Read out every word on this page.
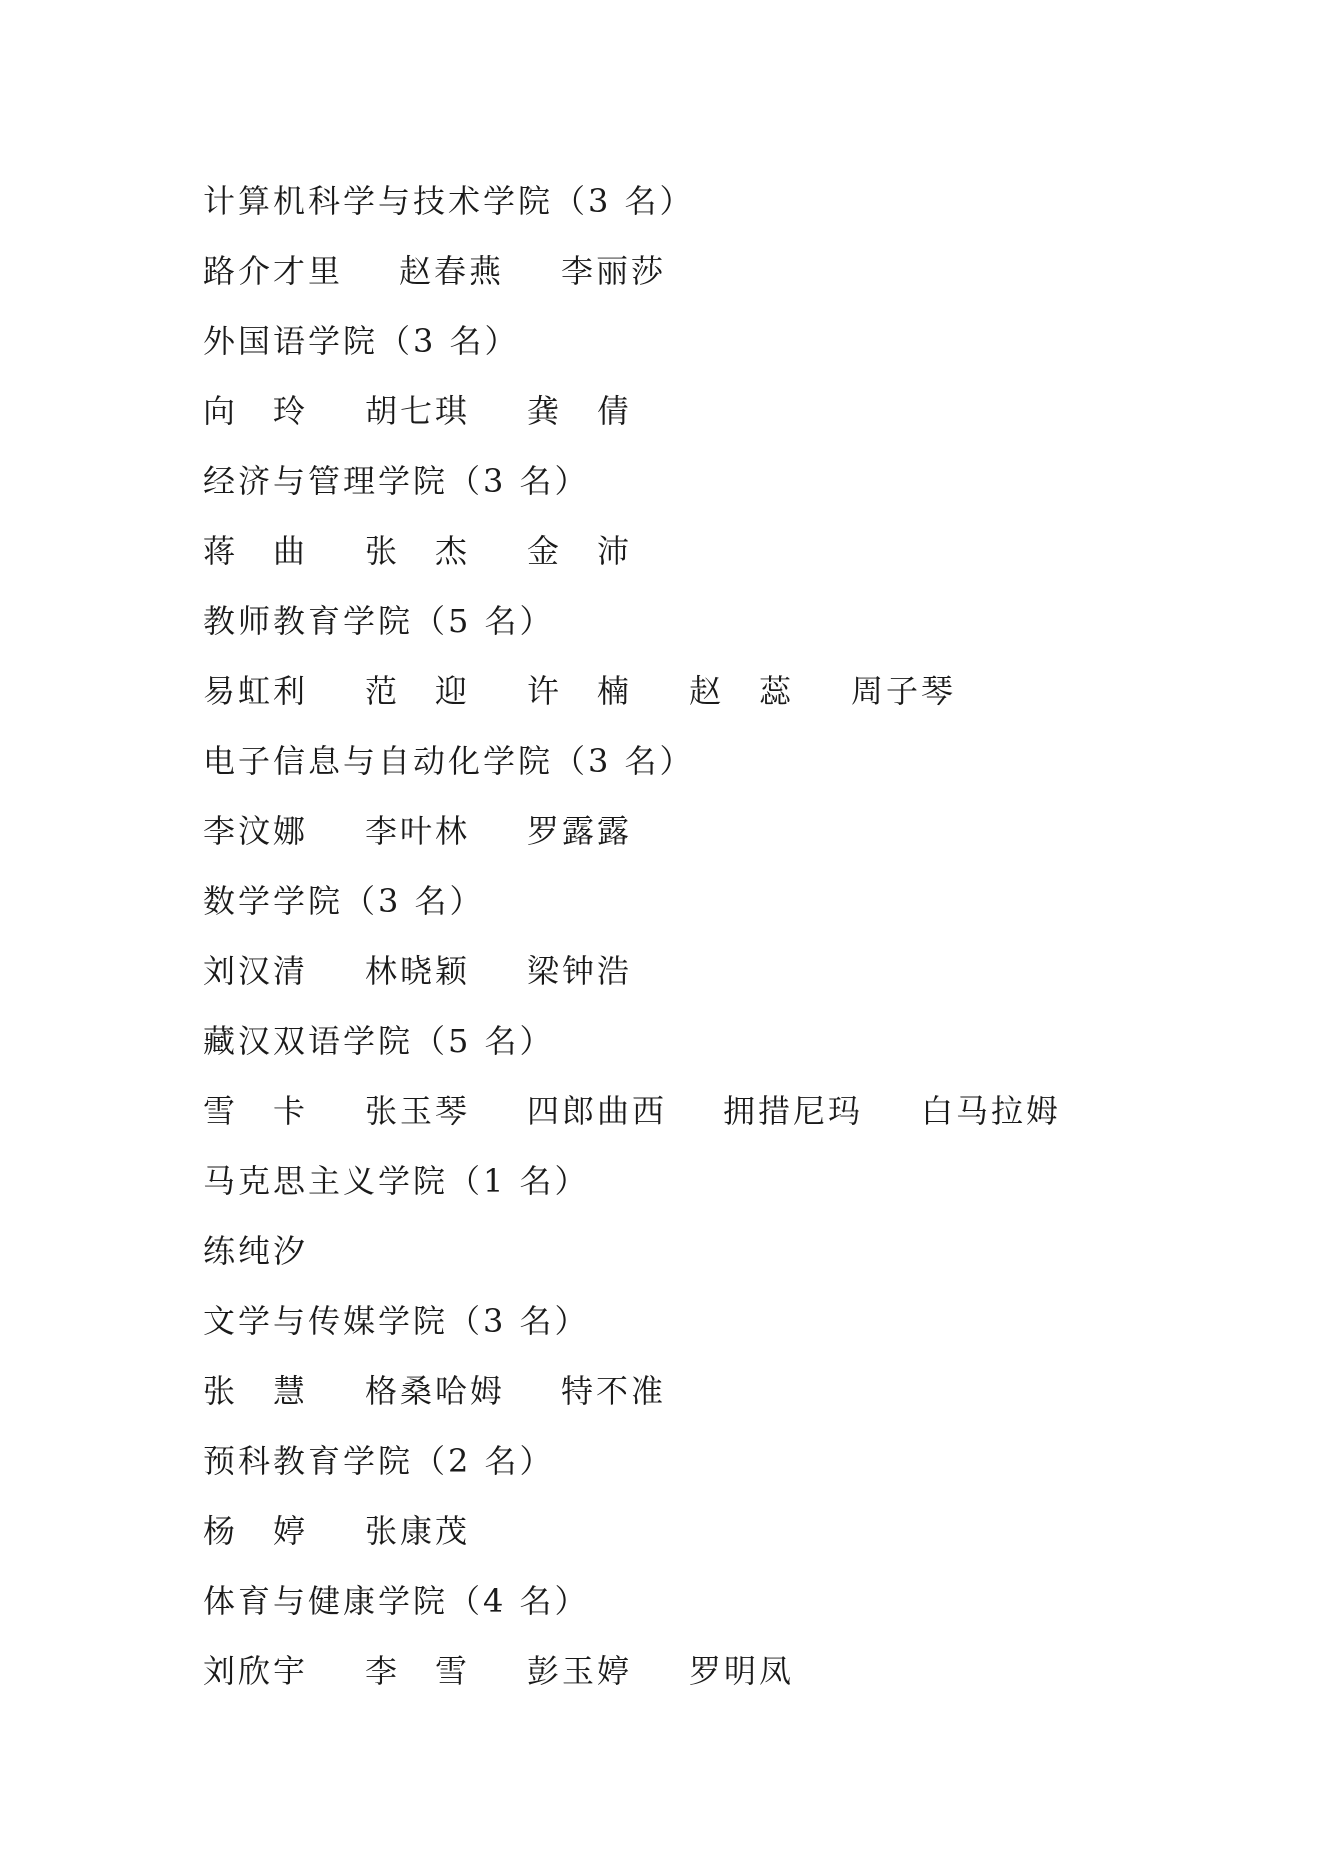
计算机科学与技术学院（3 名）
路介才里	赵春燕	李丽莎
外国语学院（3 名）
向　玲	胡七琪	龚　倩
经济与管理学院（3 名）
蒋　曲	张　杰	金　沛
教师教育学院（5 名）
易虹利	范　迎	许　楠	赵　蕊	周子琴
电子信息与自动化学院（3 名）
李汶娜	李叶林	罗露露
数学学院（3 名）
刘汉清	林晓颖	梁钟浩
藏汉双语学院（5 名）
雪　卡	张玉琴	四郎曲西	拥措尼玛	白马拉姆
马克思主义学院（1 名）
练纯汐
文学与传媒学院（3 名）
张　慧	格桑哈姆	特不准
预科教育学院（2 名）
杨　婷	张康茂
体育与健康学院（4 名）
刘欣宇	李　雪	彭玉婷	罗明凤
